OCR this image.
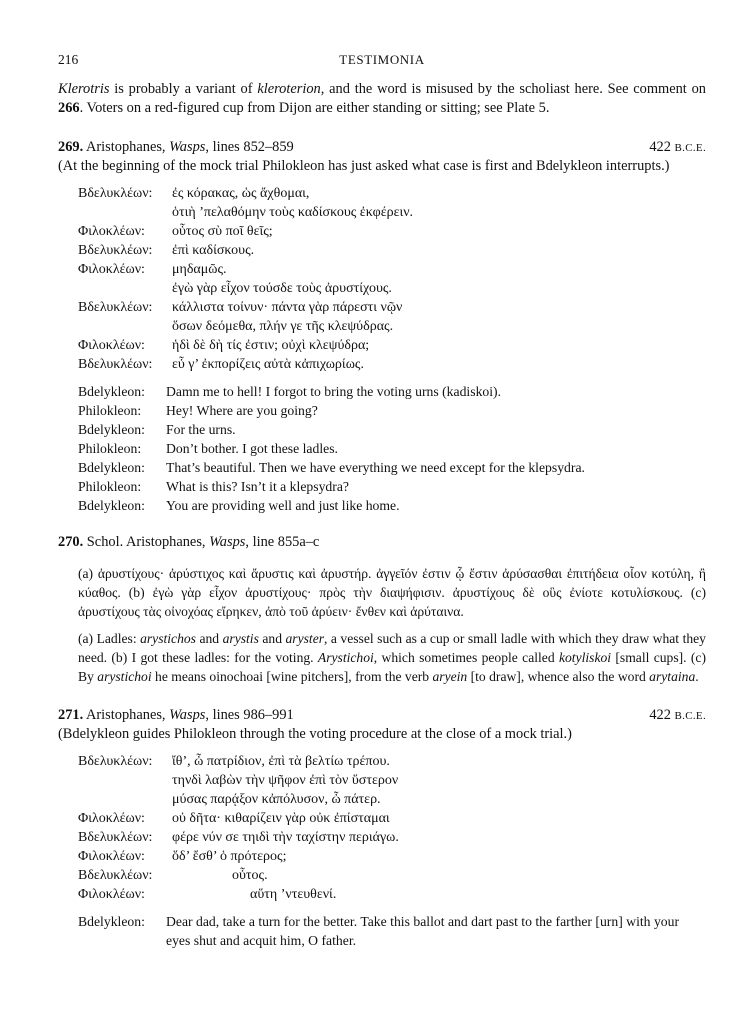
216	TESTIMONIA

Klerotris is probably a variant of kleroterion, and the word is misused by the scholiast here. See comment on 266. Voters on a red-figured cup from Dijon are either standing or sitting; see Plate 5.

269. Aristophanes, Wasps, lines 852–859	422 B.C.E.
(At the beginning of the mock trial Philokleon has just asked what case is first and Bdelykleon interrupts.)
Βδελυκλέων:	ἐς κόρακας, ὡς ἄχθομαι,
ὁτιὴ ’πελαθόμην τοὺς καδίσκους ἐκφέρειν.
Φιλοκλέων:	οὗτος σὺ ποῖ θεῖς;
Βδελυκλέων:	ἐπὶ καδίσκους.
Φιλοκλέων:	μηδαμῶς.
ἐγὼ γὰρ εἶχον τούσδε τοὺς ἀρυστίχους.
Βδελυκλέων:	κάλλιστα τοίνυν· πάντα γὰρ πάρεστι νῷν
ὅσων δεόμεθα, πλήν γε τῆς κλεψύδρας.
Φιλοκλέων:	ἡδὶ δὲ δὴ τίς ἐστιν; οὐχὶ κλεψύδρα;
Βδελυκλέων:	εὖ γ’ ἐκπορίζεις αὐτὰ κἀπιχωρίως.
Bdelykleon:	Damn me to hell! I forgot to bring the voting urns (kadiskoi).
Philokleon:	Hey! Where are you going?
Bdelykleon:	For the urns.
Philokleon:	Don’t bother. I got these ladles.
Bdelykleon:	That’s beautiful. Then we have everything we need except for the klepsydra.
Philokleon:	What is this? Isn’t it a klepsydra?
Bdelykleon:	You are providing well and just like home.
270. Schol. Aristophanes, Wasps, line 855a–c
(a) ἀρυστίχους· ἀρύστιχος καὶ ἄρυστις καὶ ἀρυστήρ. ἀγγεῖόν ἐστιν ᾧ ἔστιν ἀρύσασθαι ἐπιτήδεια οἷον κοτύλη, ἢ κύαθος. (b) ἐγὼ γὰρ εἶχον ἀρυστίχους· πρὸς τὴν διαψήφισιν. ἀρυστίχους δὲ οὓς ἐνίοτε κοτυλίσκους. (c) ἀρυστίχους τὰς οἰνοχόας εἴρηκεν, ἀπὸ τοῦ ἀρύειν· ἔνθεν καὶ ἀρύταινα.
(a) Ladles: arystichos and arystis and aryster, a vessel such as a cup or small ladle with which they draw what they need. (b) I got these ladles: for the voting. Arystichoi, which sometimes people called kotyliskoi [small cups]. (c) By arystichoi he means oinochoai [wine pitchers], from the verb aryein [to draw], whence also the word arytaina.
271. Aristophanes, Wasps, lines 986–991	422 B.C.E.
(Bdelykleon guides Philokleon through the voting procedure at the close of a mock trial.)
Βδελυκλέων:	ἴθ’, ὦ πατρίδιον, ἐπὶ τὰ βελτίω τρέπου.
τηνδὶ λαβὼν τὴν ψῆφον ἐπὶ τὸν ὕστερον
μύσας παρᾴξον κἀπόλυσον, ὦ πάτερ.
Φιλοκλέων:	οὐ δῆτα· κιθαρίζειν γὰρ οὐκ ἐπίσταμαι
Βδελυκλέων:	φέρε νύν σε τηιδὶ τὴν ταχίστην περιάγω.
Φιλοκλέων:	ὅδ’ ἔσθ’ ὁ πρότερος;
Βδελυκλέων:	οὗτος.
Φιλοκλέων:	αὕτη ’ντευθενί.
Bdelykleon:	Dear dad, take a turn for the better. Take this ballot and dart past to the farther [urn] with your eyes shut and acquit him, O father.
